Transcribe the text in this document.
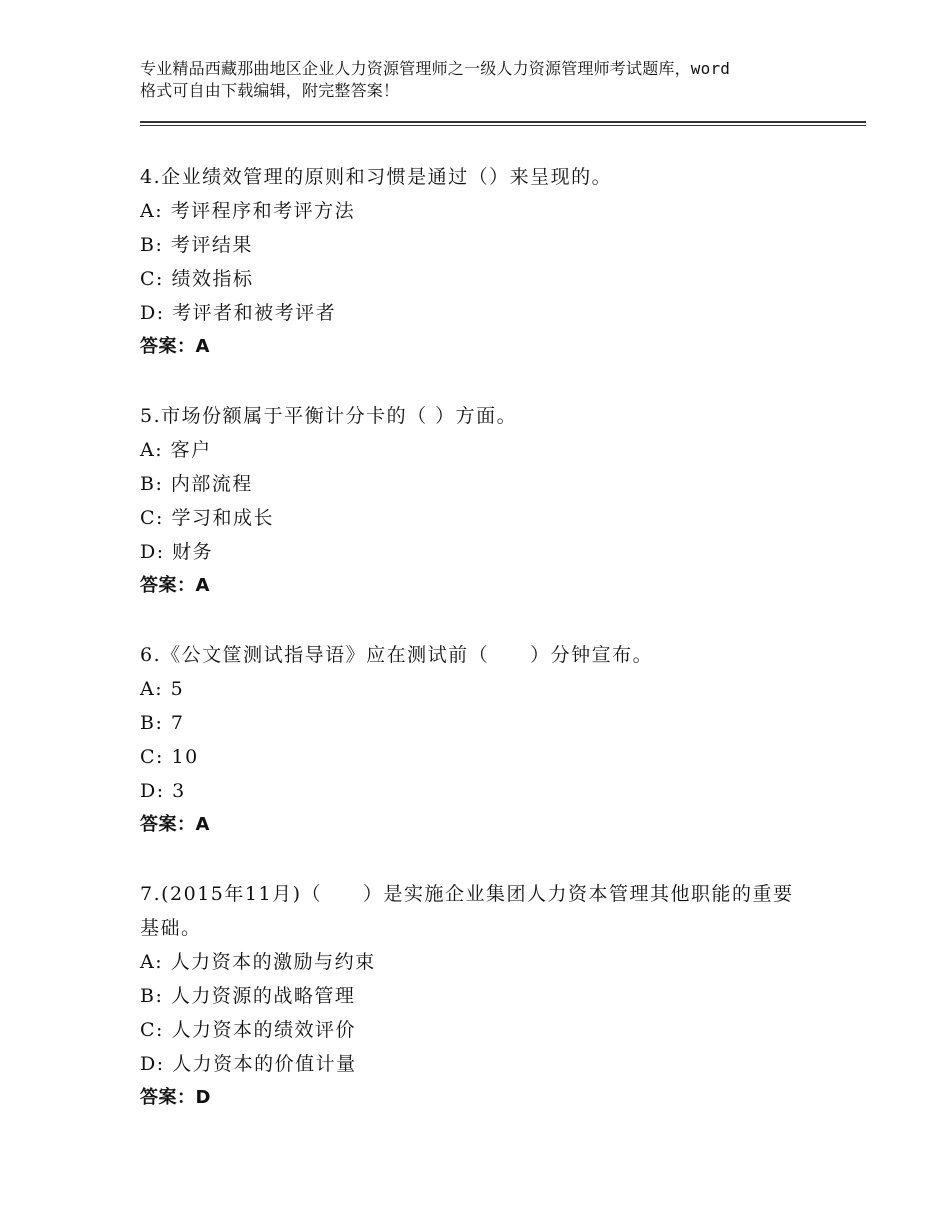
专业精品西藏那曲地区企业人力资源管理师之一级人力资源管理师考试题库，word
格式可自由下载编辑，附完整答案！
4.企业绩效管理的原则和习惯是通过（）来呈现的。
A: 考评程序和考评方法
B: 考评结果
C: 绩效指标
D: 考评者和被考评者
答案：A
5.市场份额属于平衡计分卡的（ ）方面。
A: 客户
B: 内部流程
C: 学习和成长
D: 财务
答案：A
6.《公文筐测试指导语》应在测试前（　　）分钟宣布。
A: 5
B: 7
C: 10
D: 3
答案：A
7.(2015年11月)（　　）是实施企业集团人力资本管理其他职能的重要基础。
A: 人力资本的激励与约束
B: 人力资源的战略管理
C: 人力资本的绩效评价
D: 人力资本的价值计量
答案：D
